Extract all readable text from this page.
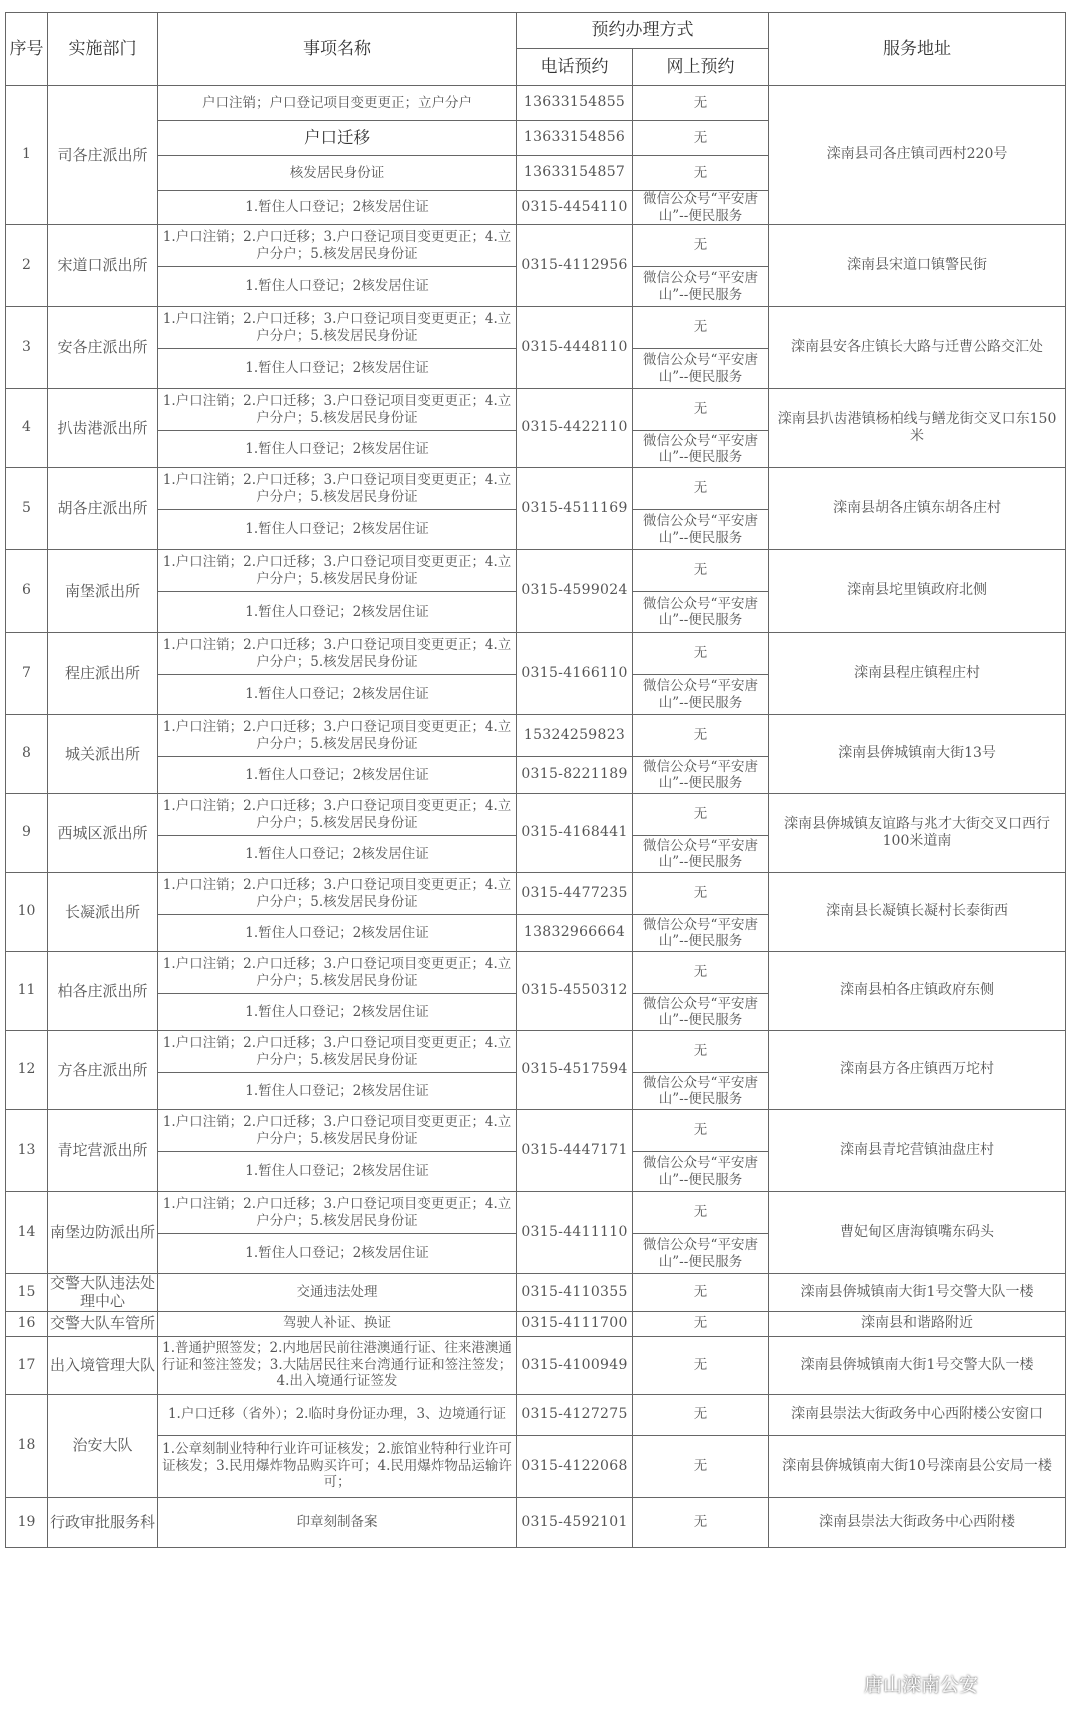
序号	实施部门	事项名称	预约办理方式		服务地址
			电话预约	网上预约	
1	司各庄派出所	户口注销；户口登记项目变更更正；立户分户	13633154855	无	滦南县司各庄镇司西村220号
		户口迁移	13633154856	无	
		核发居民身份证	13633154857	无	
		1.暂住人口登记；2核发居住证	0315-4454110	微信公众号“平安唐山”--便民服务	
2	宋道口派出所	1.户口注销；2.户口迁移；3.户口登记项目变更更正；4.立户分户；5.核发居民身份证	0315-4112956	无	滦南县宋道口镇警民街
		1.暂住人口登记；2核发居住证		微信公众号“平安唐山”--便民服务	
3	安各庄派出所	1.户口注销；2.户口迁移；3.户口登记项目变更更正；4.立户分户；5.核发居民身份证	0315-4448110	无	滦南县安各庄镇长大路与迁曹公路交汇处
		1.暂住人口登记；2核发居住证		微信公众号“平安唐山”--便民服务	
4	扒齿港派出所	1.户口注销；2.户口迁移；3.户口登记项目变更更正；4.立户分户；5.核发居民身份证	0315-4422110	无	滦南县扒齿港镇杨柏线与鳝龙街交叉口东150米
		1.暂住人口登记；2核发居住证		微信公众号“平安唐山”--便民服务	
5	胡各庄派出所	1.户口注销；2.户口迁移；3.户口登记项目变更更正；4.立户分户；5.核发居民身份证	0315-4511169	无	滦南县胡各庄镇东胡各庄村
		1.暂住人口登记；2核发居住证		微信公众号“平安唐山”--便民服务	
6	南堡派出所	1.户口注销；2.户口迁移；3.户口登记项目变更更正；4.立户分户；5.核发居民身份证	0315-4599024	无	滦南县坨里镇政府北侧
		1.暂住人口登记；2核发居住证		微信公众号“平安唐山”--便民服务	
7	程庄派出所	1.户口注销；2.户口迁移；3.户口登记项目变更更正；4.立户分户；5.核发居民身份证	0315-4166110	无	滦南县程庄镇程庄村
		1.暂住人口登记；2核发居住证		微信公众号“平安唐山”--便民服务	
8	城关派出所	1.户口注销；2.户口迁移；3.户口登记项目变更更正；4.立户分户；5.核发居民身份证	15324259823	无	滦南县倴城镇南大街13号
		1.暂住人口登记；2核发居住证	0315-8221189	微信公众号“平安唐山”--便民服务	
9	西城区派出所	1.户口注销；2.户口迁移；3.户口登记项目变更更正；4.立户分户；5.核发居民身份证	0315-4168441	无	滦南县倴城镇友谊路与兆才大街交叉口西行100米道南
		1.暂住人口登记；2核发居住证		微信公众号“平安唐山”--便民服务	
10	长凝派出所	1.户口注销；2.户口迁移；3.户口登记项目变更更正；4.立户分户；5.核发居民身份证	0315-4477235	无	滦南县长凝镇长凝村长泰街西
		1.暂住人口登记；2核发居住证	13832966664	微信公众号“平安唐山”--便民服务	
11	柏各庄派出所	1.户口注销；2.户口迁移；3.户口登记项目变更更正；4.立户分户；5.核发居民身份证	0315-4550312	无	滦南县柏各庄镇政府东侧
		1.暂住人口登记；2核发居住证		微信公众号“平安唐山”--便民服务	
12	方各庄派出所	1.户口注销；2.户口迁移；3.户口登记项目变更更正；4.立户分户；5.核发居民身份证	0315-4517594	无	滦南县方各庄镇西万坨村
		1.暂住人口登记；2核发居住证		微信公众号“平安唐山”--便民服务	
13	青坨营派出所	1.户口注销；2.户口迁移；3.户口登记项目变更更正；4.立户分户；5.核发居民身份证	0315-4447171	无	滦南县青坨营镇油盘庄村
		1.暂住人口登记；2核发居住证		微信公众号“平安唐山”--便民服务	
14	南堡边防派出所	1.户口注销；2.户口迁移；3.户口登记项目变更更正；4.立户分户；5.核发居民身份证	0315-4411110	无	曹妃甸区唐海镇嘴东码头
		1.暂住人口登记；2核发居住证		微信公众号“平安唐山”--便民服务	
15	交警大队违法处理中心	交通违法处理	0315-4110355	无	滦南县倴城镇南大街1号交警大队一楼
16	交警大队车管所	驾驶人补证、换证	0315-4111700	无	滦南县和谐路附近
17	出入境管理大队	1.普通护照签发；2.内地居民前往港澳通行证、往来港澳通行证和签注签发；3.大陆居民往来台湾通行证和签注签发；4.出入境通行证签发	0315-4100949	无	滦南县倴城镇南大街1号交警大队一楼
18	治安大队	1.户口迁移（省外）；2.临时身份证办理，3、边境通行证	0315-4127275	无	滦南县崇法大街政务中心西附楼公安窗口
		1.公章刻制业特种行业许可证核发；2.旅馆业特种行业许可证核发；3.民用爆炸物品购买许可；4.民用爆炸物品运输许可；	0315-4122068	无	滦南县倴城镇南大街10号滦南县公安局一楼
19	行政审批服务科	印章刻制备案	0315-4592101	无	滦南县崇法大街政务中心西附楼
唐山滦南公安
